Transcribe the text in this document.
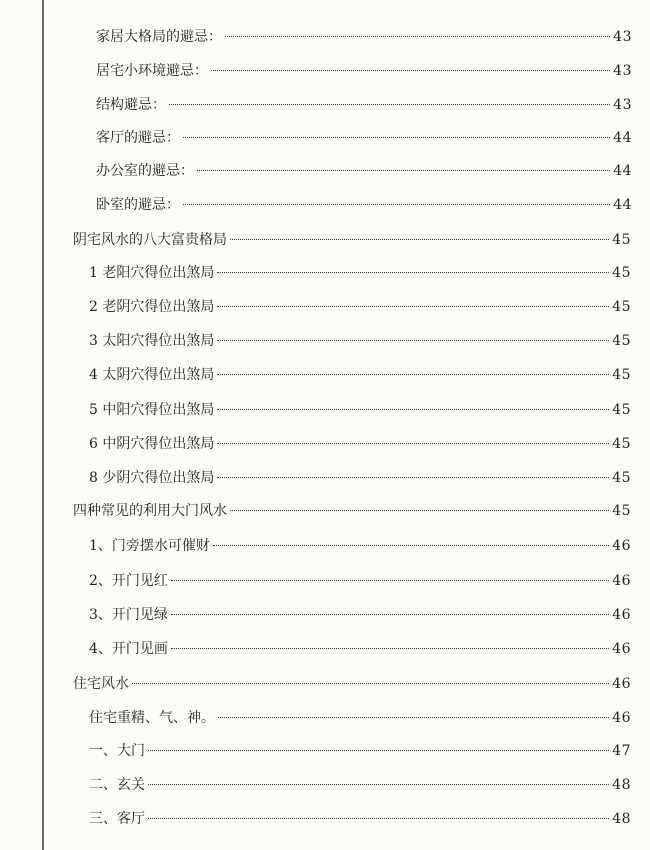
家居大格局的避忌：	43
居宅小环境避忌：	43
结构避忌：	43
客厅的避忌：	44
办公室的避忌：	44
卧室的避忌：	44
阴宅风水的八大富贵格局	45
1 老阳穴得位出煞局	45
2 老阴穴得位出煞局	45
3 太阳穴得位出煞局	45
4 太阴穴得位出煞局	45
5 中阳穴得位出煞局	45
6 中阴穴得位出煞局	45
8 少阴穴得位出煞局	45
四种常见的利用大门风水	45
1、门旁摆水可催财	46
2、开门见红	46
3、开门见绿	46
4、开门见画	46
住宅风水	46
住宅重精、气、神。	46
一、大门	47
二、玄关	48
三、客厅	48
